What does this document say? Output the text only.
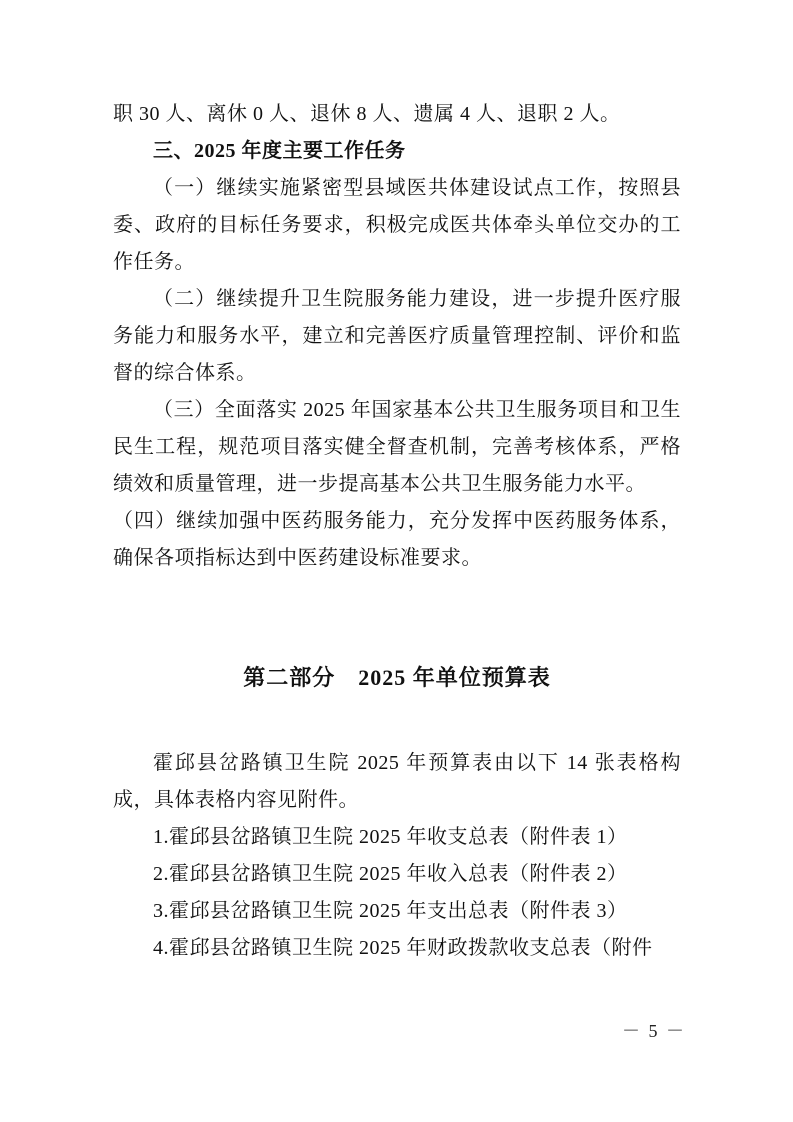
职 30 人、离休 0 人、退休 8 人、遗属 4 人、退职 2 人。

三、2025 年度主要工作任务

（一）继续实施紧密型县域医共体建设试点工作，按照县委、政府的目标任务要求，积极完成医共体牵头单位交办的工作任务。

（二）继续提升卫生院服务能力建设，进一步提升医疗服务能力和服务水平，建立和完善医疗质量管理控制、评价和监督的综合体系。

（三）全面落实 2025 年国家基本公共卫生服务项目和卫生民生工程，规范项目落实健全督查机制，完善考核体系，严格绩效和质量管理，进一步提高基本公共卫生服务能力水平。

（四）继续加强中医药服务能力，充分发挥中医药服务体系，确保各项指标达到中医药建设标准要求。

第二部分　2025 年单位预算表

霍邱县岔路镇卫生院 2025 年预算表由以下 14 张表格构成，具体表格内容见附件。

1.霍邱县岔路镇卫生院 2025 年收支总表（附件表 1）

2.霍邱县岔路镇卫生院 2025 年收入总表（附件表 2）

3.霍邱县岔路镇卫生院 2025 年支出总表（附件表 3）

4.霍邱县岔路镇卫生院 2025 年财政拨款收支总表（附件

－ 5 －
